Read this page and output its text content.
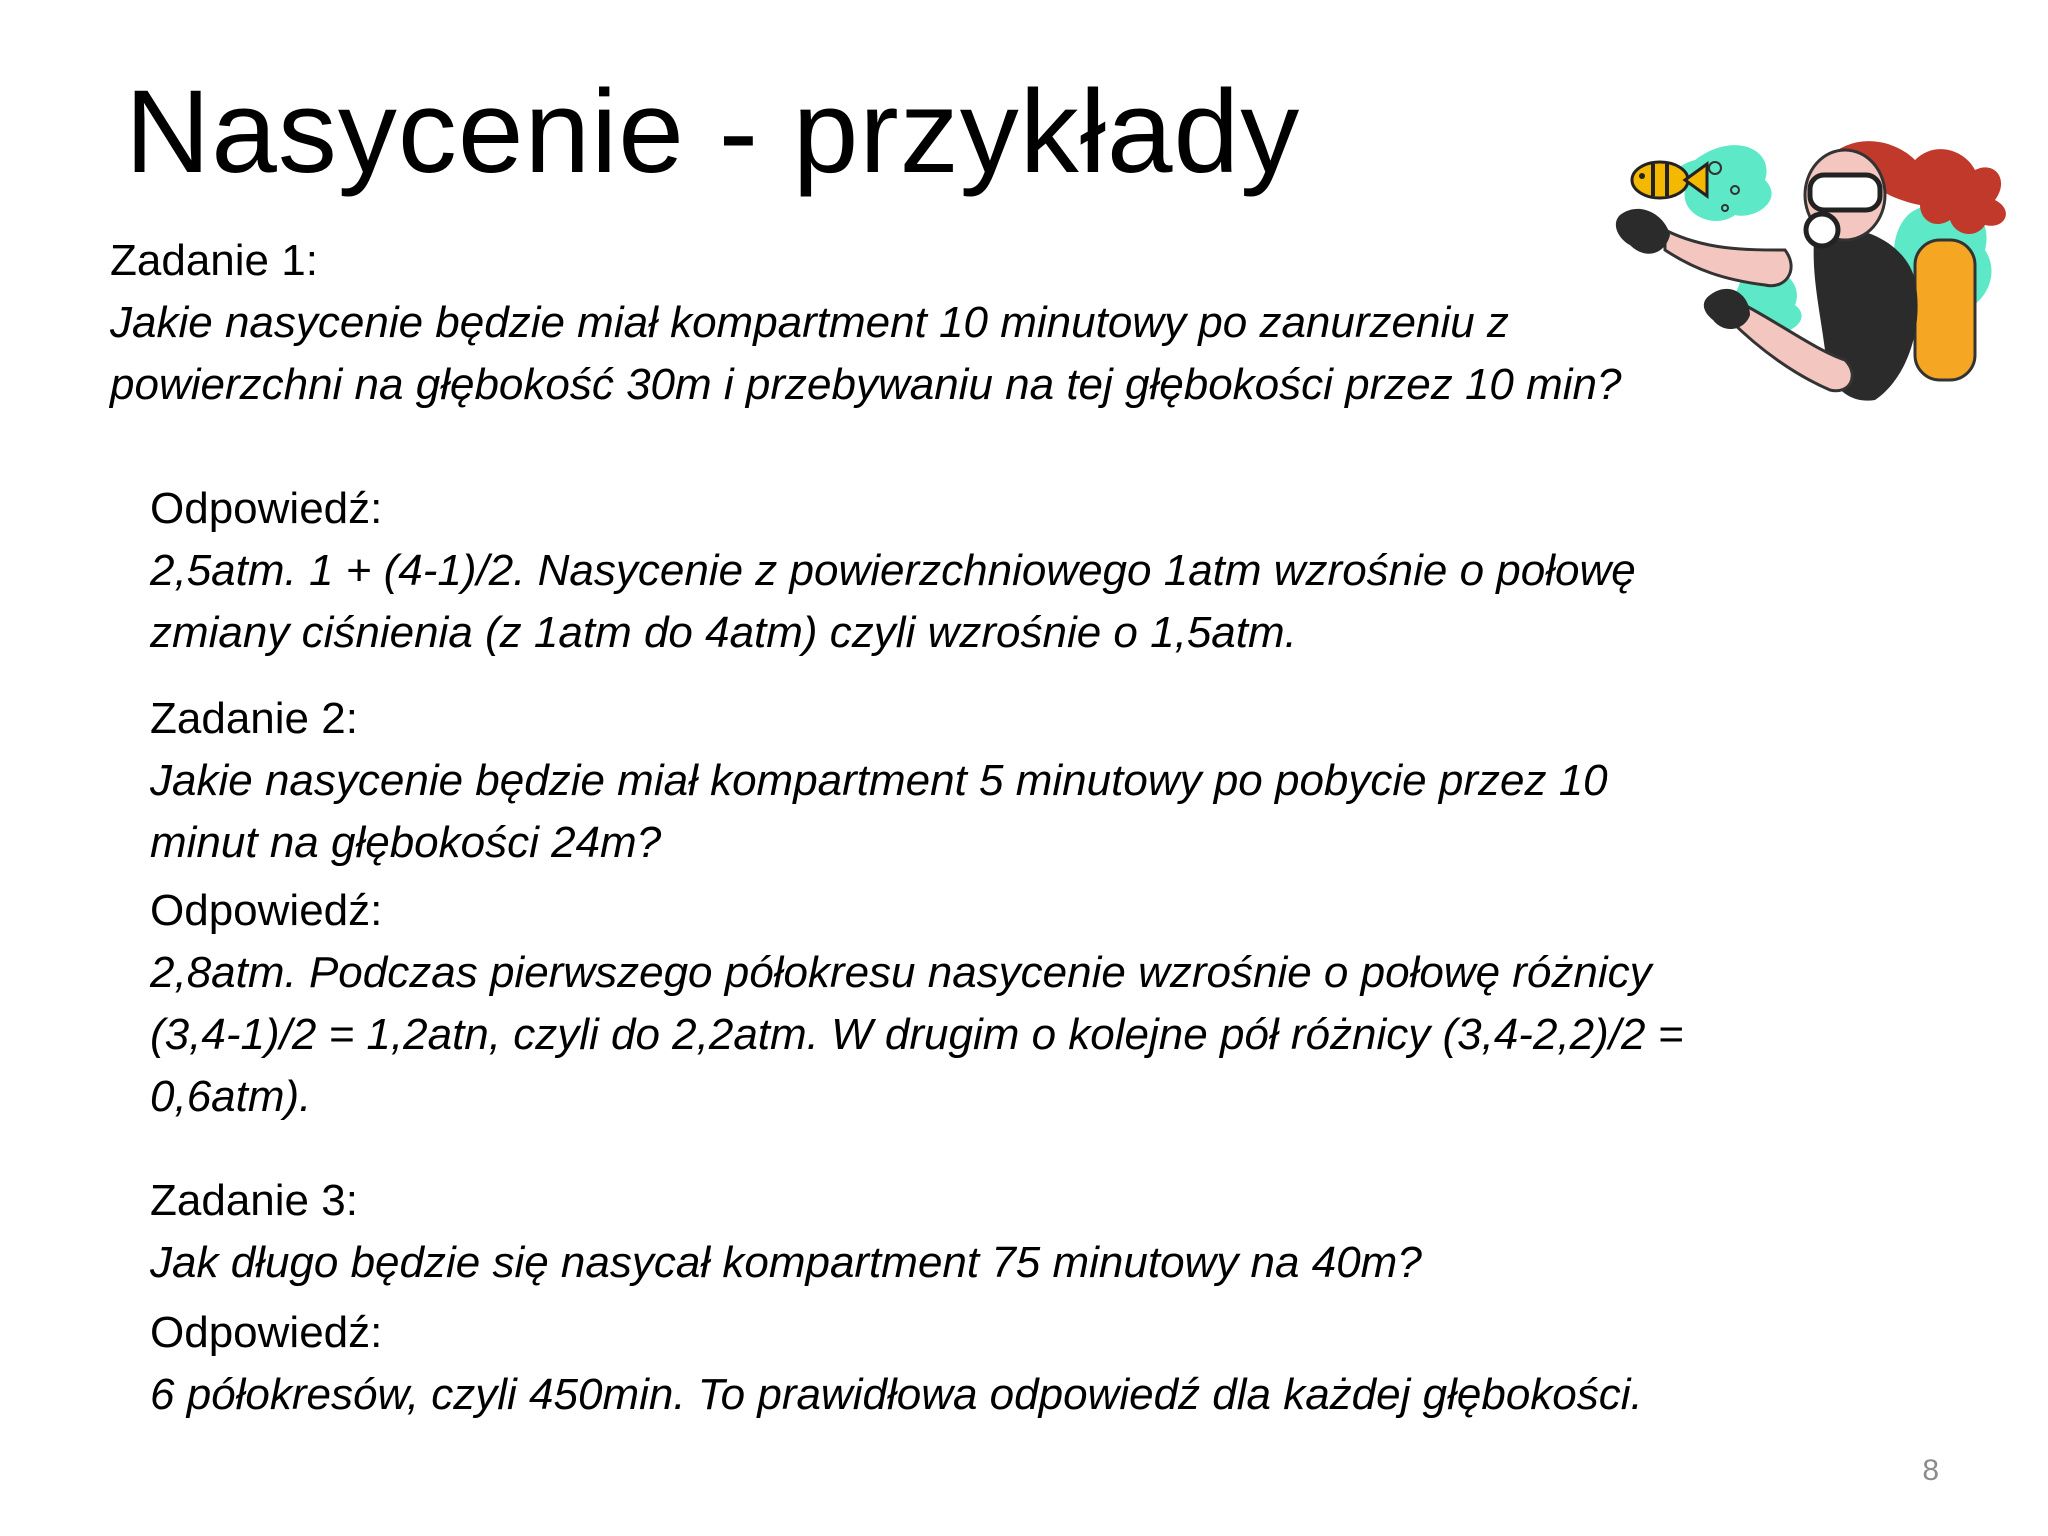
Nasycenie - przykłady
Zadanie 1:
Jakie nasycenie będzie miał kompartment 10 minutowy po zanurzeniu z
powierzchni na głębokość 30m i przebywaniu na tej głębokości przez 10 min?
Odpowiedź:
2,5atm. 1 + (4-1)/2. Nasycenie z powierzchniowego 1atm wzrośnie o połowę
zmiany ciśnienia (z 1atm do 4atm) czyli wzrośnie o 1,5atm.
Zadanie 2:
Jakie nasycenie będzie miał kompartment 5 minutowy po pobycie przez 10
minut na głębokości 24m?
Odpowiedź:
2,8atm. Podczas pierwszego półokresu nasycenie wzrośnie o połowę różnicy
(3,4-1)/2 = 1,2atn, czyli do 2,2atm. W drugim o kolejne pół różnicy (3,4-2,2)/2 =
0,6atm).
Zadanie 3:
Jak długo będzie się nasycał kompartment 75 minutowy na 40m?
Odpowiedź:
6 półokresów, czyli 450min. To prawidłowa odpowiedź dla każdej głębokości.
8
